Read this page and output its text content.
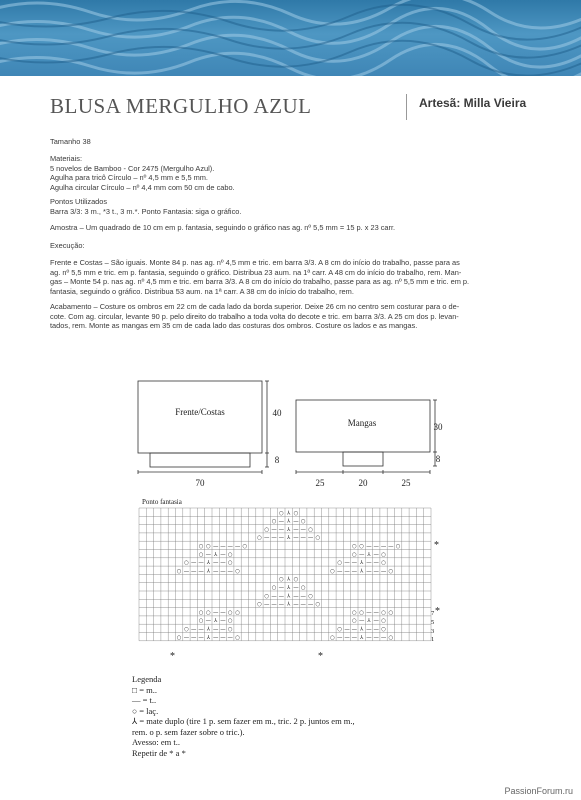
BLUSA MERGULHO AZUL	Artesã: Milla Vieira
Tamanho 38

Materiais:

5 novelos de Bamboo - Cor 2475 (Mergulho Azul).

Agulha para tricô Círculo – nº 4,5 mm e 5,5 mm.

Agulha circular Círculo – nº 4,4 mm com 50 cm de cabo.

Pontos Utilizados

Barra 3/3: 3 m., *3 t., 3 m.*. Ponto Fantasia: siga o gráfico.

Amostra – Um quadrado de 10 cm em p. fantasia, seguindo o gráfico nas ag. nº 5,5 mm = 15 p. x 23 carr.
Execução:

Frente e Costas – São iguais. Monte 84 p. nas ag. nº 4,5 mm e tric. em barra 3/3. A 8 cm do início do trabalho, passe para as

ag. nº 5,5 mm e tric. em p. fantasia, seguindo o gráfico. Distribua 23 aum. na 1ª carr. A 48 cm do início do trabalho, rem. Man-

gas – Monte 54 p. nas ag. nº 4,5 mm e tric. em barra 3/3. A 8 cm do início do trabalho, passe para as ag. nº 5,5 mm e tric. em p.

fantasia, seguindo o gráfico. Distribua 53 aum. na 1ª carr. A 38 cm do início do trabalho, rem.

Acabamento – Costure os ombros em 22 cm de cada lado da borda superior. Deixe 26 cm no centro sem costurar para o de-

cote. Com ag. circular, levante 90 p. pelo direito do trabalho a toda volta do decote e tric. em barra 3/3. A 25 cm dos p. levan-

tados, rem. Monte as mangas em 35 cm de cada lado das costuras dos ombros. Costure os lados e as mangas.

Frente/Costas	40
8
70
Mangas	30
8
25	20	25
Ponto fantasia
○ ⅄ ○
○ — ⅄ — ○
○ — — ⅄ — — ○
○ — — — ⅄ — — — ○
○ ○ — — — — ○	○ ○ — — — — ○
○ — ⅄ — ○	○ — ⅄ — ○
○ — — ⅄ — — ○	○ — — ⅄ — — ○
○ — — — ⅄ — — — ○	○ — — — ⅄ — — — ○
○ ⅄ ○
○ — ⅄ — ○
○ — — ⅄ — — ○
○ — — — ⅄ — — — ○
○ ○ — — ○ ○	○ ○ — — ○ ○
○ — ⅄ — ○	○ — ⅄ — ○
○ — — ⅄ — — ○	○ — — ⅄ — — ○
○ — — — ⅄ — — — ○	○ — — — ⅄ — — — ○
7
5
3
1
*
*
*	*
Legenda
□ = m..
— = t..
○ = laç.
⅄ = mate duplo (tire 1 p. sem fazer em m., tric. 2 p. juntos em m.,
rem. o p. sem fazer sobre o tric.).
Avesso: em t..
Repetir de * a *
PassionForum.ru
